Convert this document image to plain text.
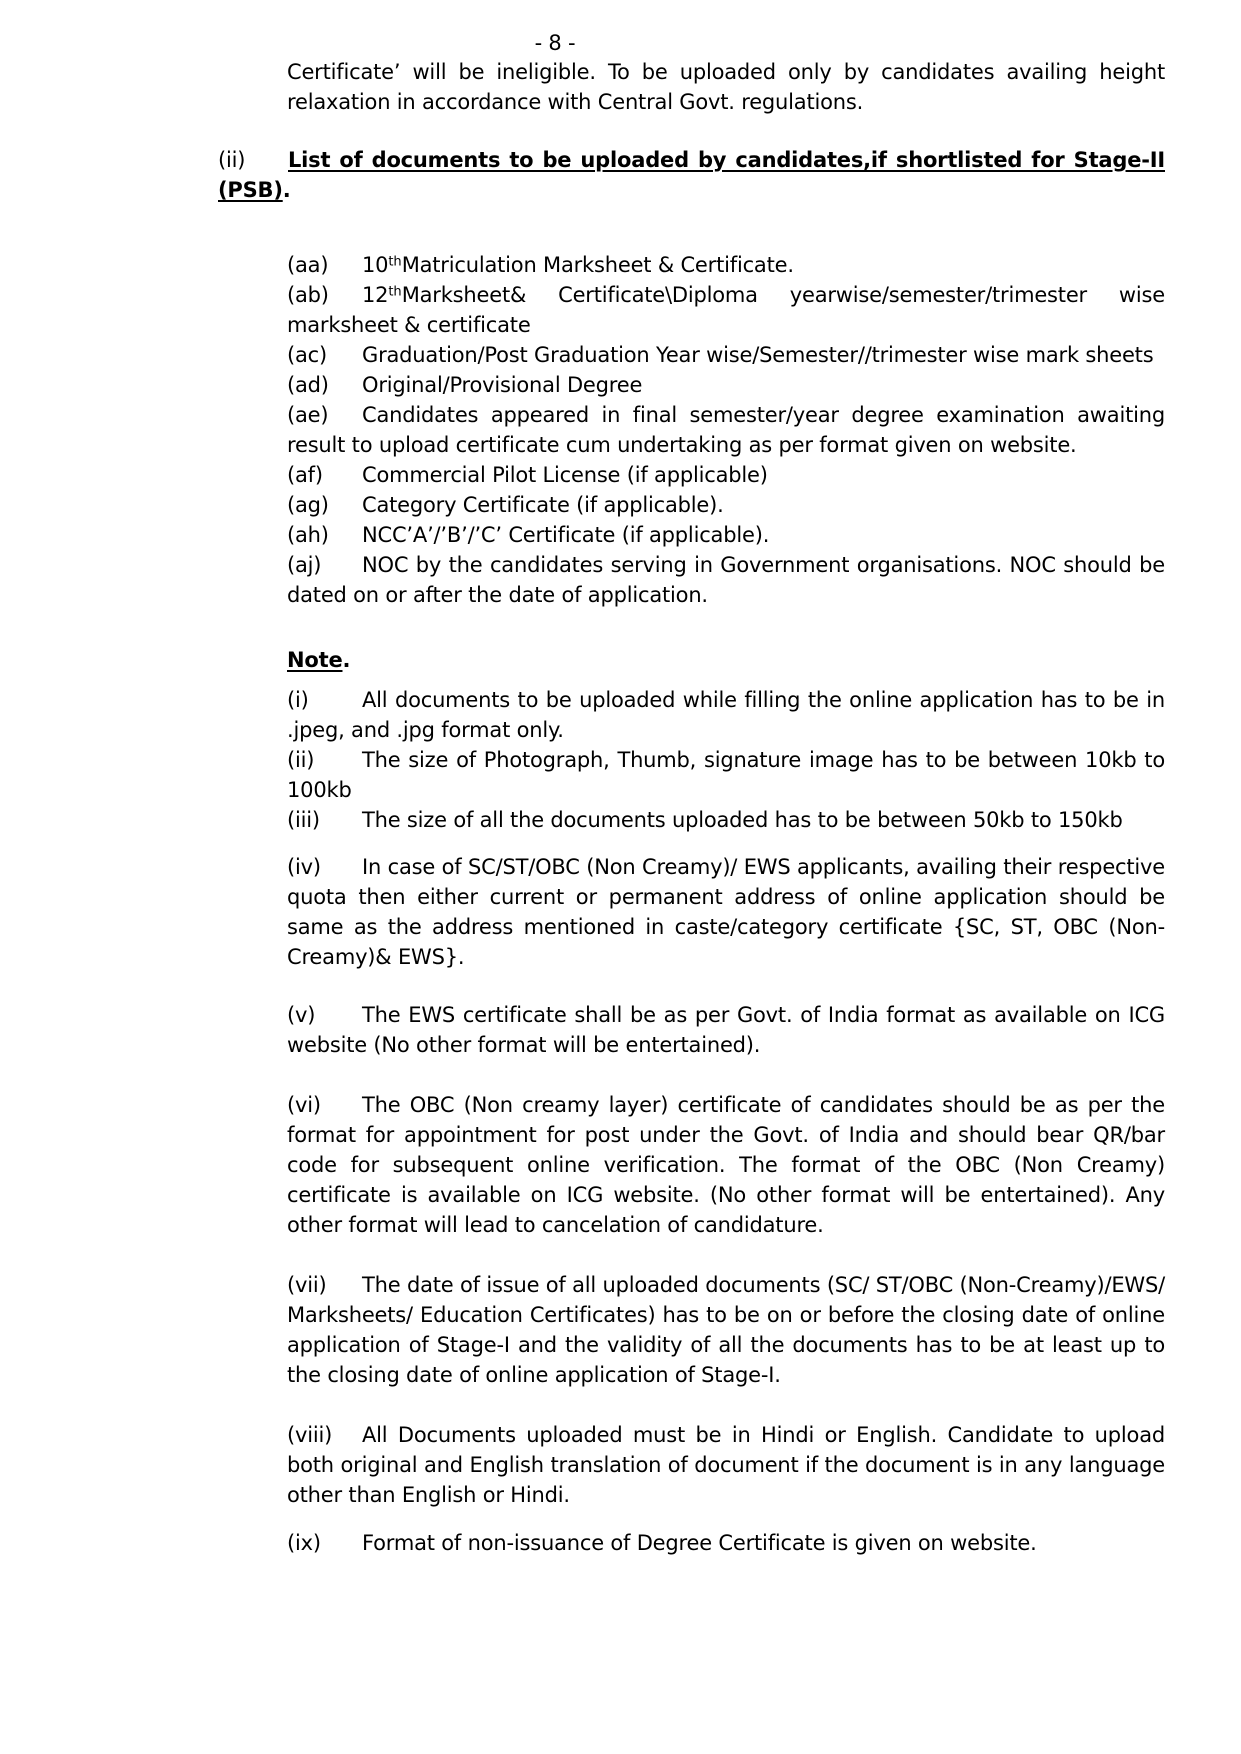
- 8 -

Certificate’ will be ineligible. To be uploaded only by candidates availing height relaxation in accordance with Central Govt. regulations.

(ii) List of documents to be uploaded by candidates,if shortlisted for Stage-II (PSB).

(aa) 10thMatriculation Marksheet & Certificate.

(ab) 12thMarksheet& Certificate\Diploma yearwise/semester/trimester wise marksheet & certificate

(ac) Graduation/Post Graduation Year wise/Semester//trimester wise mark sheets

(ad) Original/Provisional Degree

(ae) Candidates appeared in final semester/year degree examination awaiting result to upload certificate cum undertaking as per format given on website.

(af) Commercial Pilot License (if applicable)

(ag) Category Certificate (if applicable).

(ah) NCC’A’/’B’/’C’ Certificate (if applicable).

(aj) NOC by the candidates serving in Government organisations. NOC should be dated on or after the date of application.

Note.

(i)	All documents to be uploaded while filling the online application has to be in .jpeg, and .jpg format only.

(ii) The size of Photograph, Thumb, signature image has to be between 10kb to 100kb

(iii) The size of all the documents uploaded has to be between 50kb to 150kb

(iv) In case of SC/ST/OBC (Non Creamy)/ EWS applicants, availing their respective quota then either current or permanent address of online application should be same as the address mentioned in caste/category certificate {SC, ST, OBC (Non-Creamy)& EWS}.

(v) The EWS certificate shall be as per Govt. of India format as available on ICG website (No other format will be entertained).

(vi) The OBC (Non creamy layer) certificate of candidates should be as per the format for appointment for post under the Govt. of India and should bear QR/bar code for subsequent online verification. The format of the OBC (Non Creamy) certificate is available on ICG website. (No other format will be entertained). Any other format will lead to cancelation of candidature.

(vii) The date of issue of all uploaded documents (SC/ ST/OBC (Non-Creamy)/EWS/ Marksheets/ Education Certificates) has to be on or before the closing date of online application of Stage-I and the validity of all the documents has to be at least up to the closing date of online application of Stage-I.

(viii) All Documents uploaded must be in Hindi or English. Candidate to upload both original and English translation of document if the document is in any language other than English or Hindi.

(ix) Format of non-issuance of Degree Certificate is given on website.
